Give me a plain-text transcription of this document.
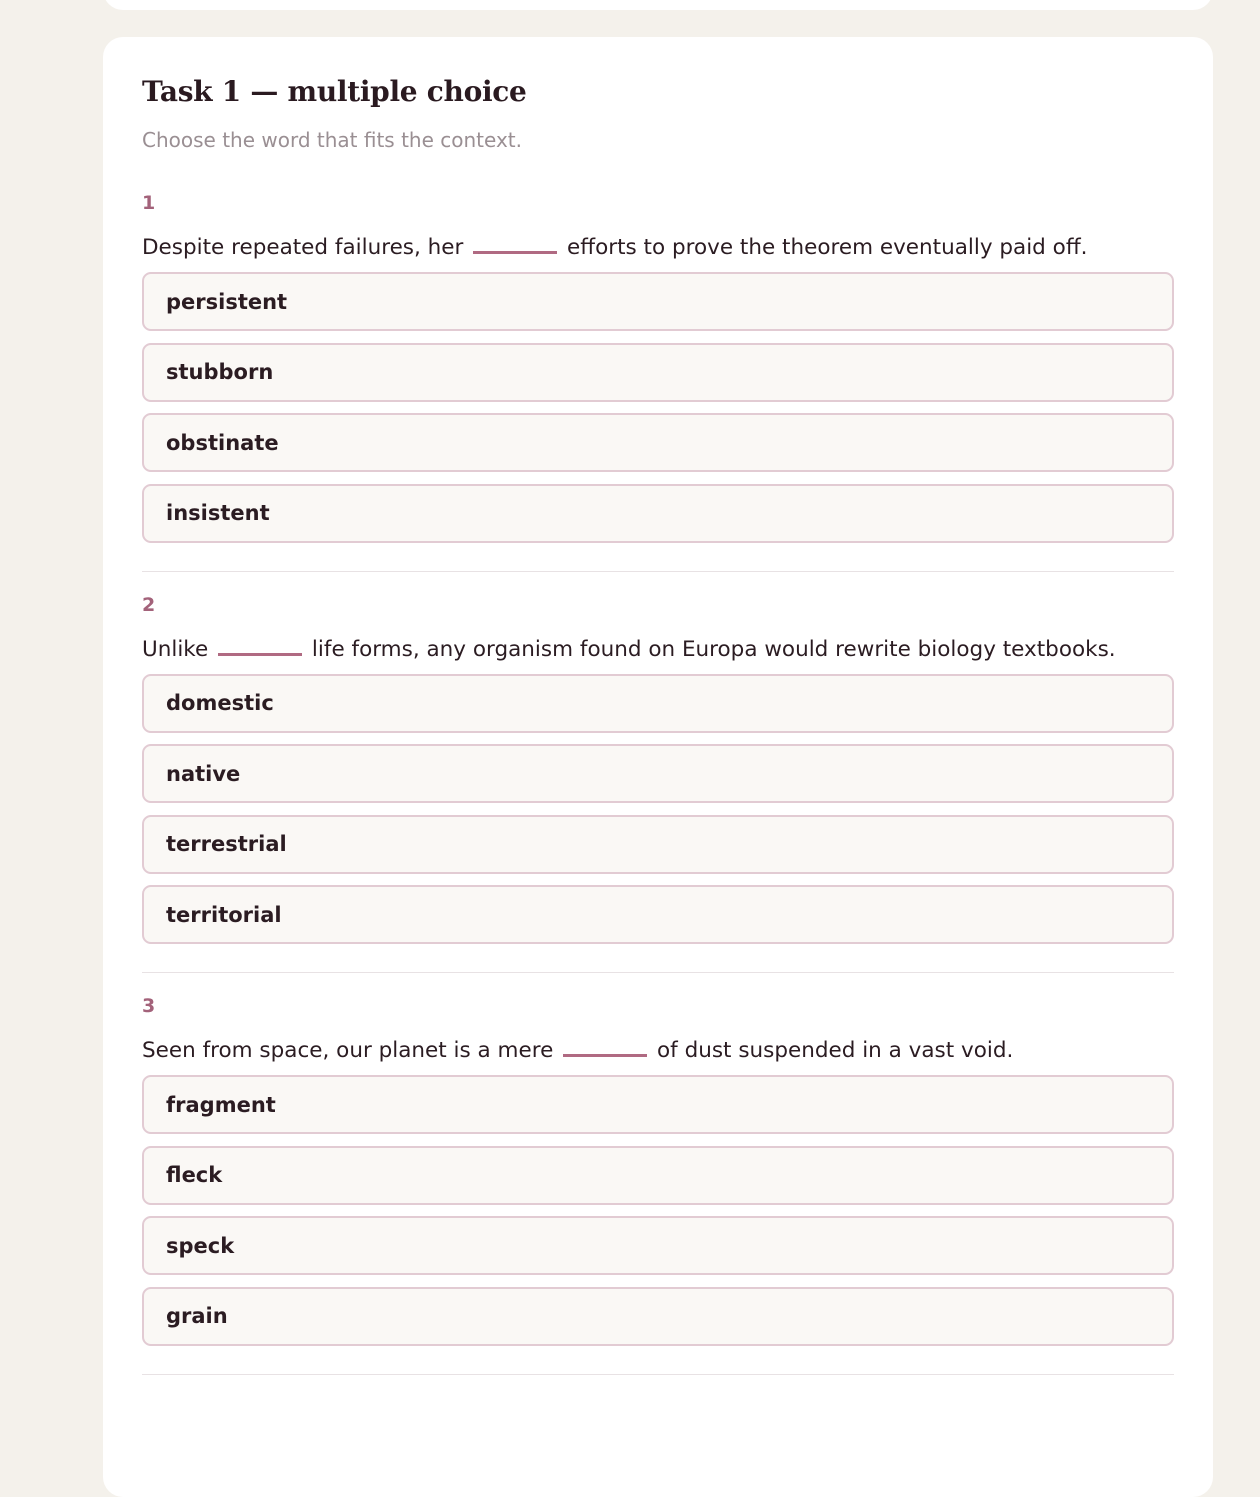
Task 1 — multiple choice

Choose the word that fits the context.

1
Despite repeated failures, her	efforts to prove the theorem eventually paid off.
persistent
stubborn
obstinate
insistent
2
Unlike	life forms, any organism found on Europa would rewrite biology textbooks.
domestic
native
terrestrial
territorial
3
Seen from space, our planet is a mere	of dust suspended in a vast void.
fragment
fleck
speck
grain
